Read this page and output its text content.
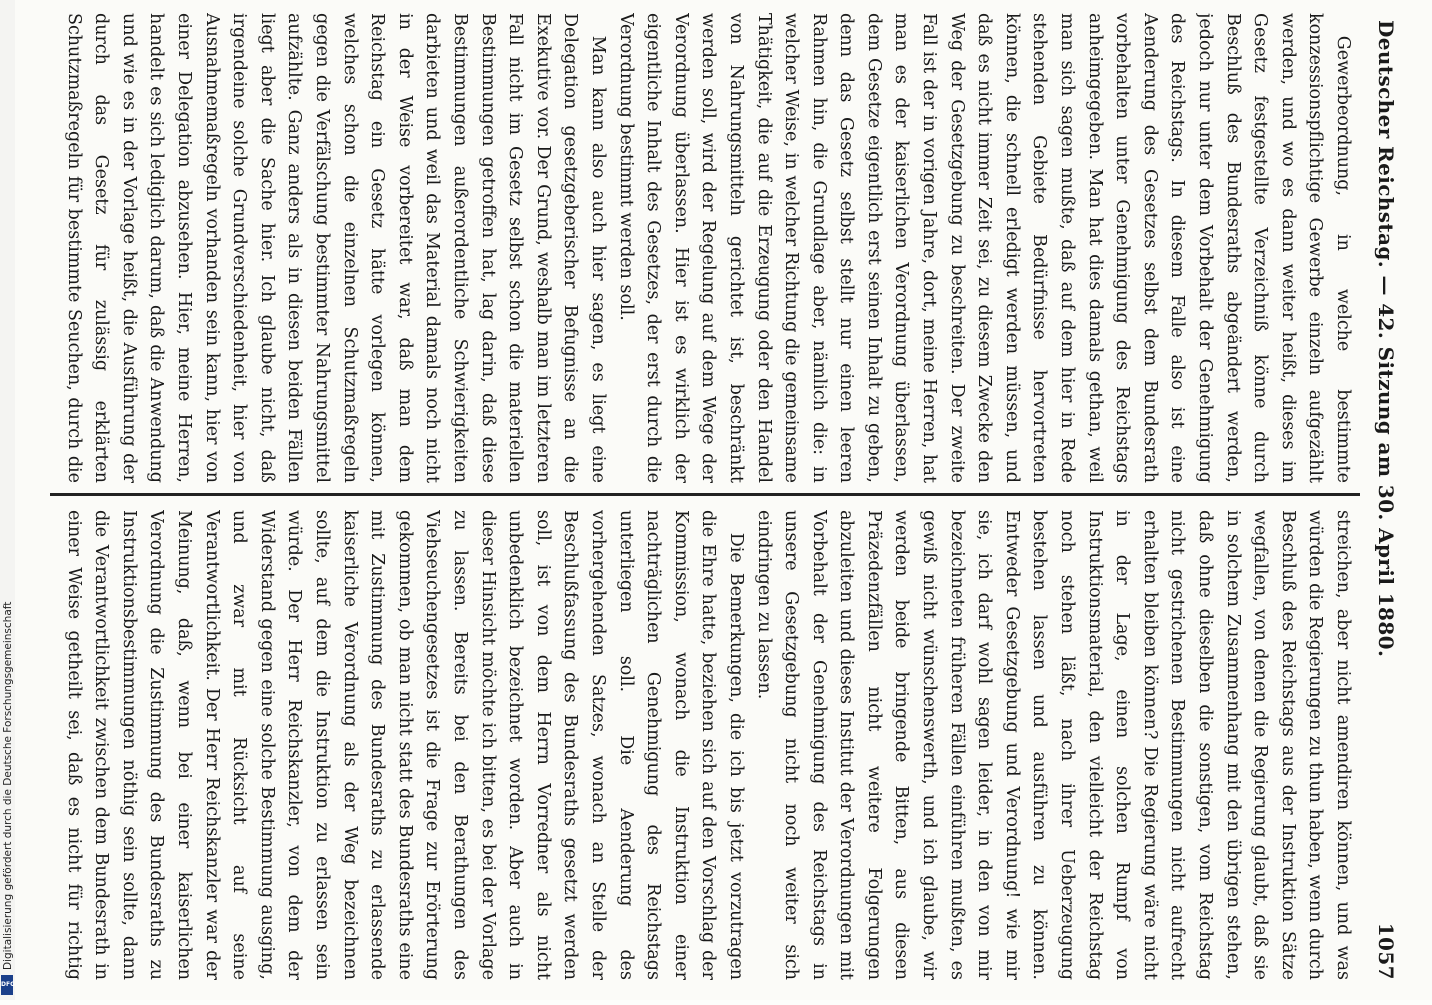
Digitalisierung gefördert durch die Deutsche Forschungsgemeinschaft
DFG
Deutscher Reichstag. — 42. Sitzung am 30. April 1880.
1057

Gewerbeordnung, in welche bestimmte konzessionspflichtige Gewerbe einzeln aufgezählt werden, und wo es dann weiter heißt, dieses im Gesetz festgestellte Verzeichniß könne durch Beschluß des Bundesraths abgeändert werden, jedoch nur unter dem Vorbehalt der Genehmigung des Reichstags. In diesem Falle also ist eine Aenderung des Gesetzes selbst dem Bundesrath vorbehalten unter Genehmigung des Reichstags anheimgegeben. Man hat dies damals gethan, weil man sich sagen mußte, daß auf dem hier in Rede stehenden Gebiete Bedürfnisse hervortreten können, die schnell erledigt werden müssen, und daß es nicht immer Zeit sei, zu diesem Zwecke den Weg der Gesetzgebung zu beschreiten. Der zweite Fall ist der in vorigen Jahre, dort, meine Herren, hat man es der kaiserlichen Verordnung überlassen, dem Gesetze eigentlich erst seinen Inhalt zu geben, denn das Gesetz selbst stellt nur einen leeren Rahmen hin, die Grundlage aber, nämlich die: in welcher Weise, in welcher Richtung die gemeinsame Thätigkeit, die auf die Erzeugung oder den Handel von Nahrungsmitteln gerichtet ist, beschränkt werden soll, wird der Regelung auf dem Wege der Verordnung überlassen. Hier ist es wirklich der eigentliche Inhalt des Gesetzes, der erst durch die Verordnung bestimmt werden soll.

Man kann also auch hier sagen, es liegt eine Delegation gesetzgeberischer Befugnisse an die Exekutive vor. Der Grund, weshalb man im letzteren Fall nicht im Gesetz selbst schon die materiellen Bestimmungen getroffen hat, lag darin, daß diese Bestimmungen außerordentliche Schwierigkeiten darbieten und weil das Material damals noch nicht in der Weise vorbereitet war, daß man dem Reichstag ein Gesetz hätte vorlegen können, welches schon die einzelnen Schutzmaßregeln gegen die Verfälschung bestimmter Nahrungsmittel aufzählte. Ganz anders als in diesen beiden Fällen liegt aber die Sache hier. Ich glaube nicht, daß irgendeine solche Grundverschiedenheit, hier von Ausnahmemaßregeln vorhanden sein kann, hier von einer Delegation abzusehen. Hier, meine Herren, handelt es sich lediglich darum, daß die Anwendung und wie es in der Vorlage heißt, die Ausführung der durch das Gesetz für zulässig erklärten Schutzmaßregeln für bestimmte Seuchen, durch die

streichen, aber nicht amendiren können, und was würden die Regierungen zu thun haben, wenn durch Beschluß des Reichstags aus der Instruktion Sätze wegfallen, von denen die Regierung glaubt, daß sie in solchem Zusammenhang mit den übrigen stehen, daß ohne dieselben die sonstigen, vom Reichstag nicht gestrichenen Bestimmungen nicht aufrecht erhalten bleiben können? Die Regierung wäre nicht in der Lage, einen solchen Rumpf von Instruktionsmaterial, den vielleicht der Reichstag noch stehen läßt, nach ihrer Ueberzeugung bestehen lassen und ausführen zu können. Entweder Gesetzgebung und Verordnung! wie mir sie, ich darf wohl sagen leider, in den von mir bezeichneten früheren Fällen einführen mußten, es gewiß nicht wünschenswerth, und ich glaube, wir werden beide bringende Bitten, aus diesen Präzedenzfällen nicht weitere Folgerungen abzuleiten und dieses Institut der Verordnungen mit Vorbehalt der Genehmigung des Reichstags in unsere Gesetzgebung nicht noch weiter sich eindringen zu lassen.

Die Bemerkungen, die ich bis jetzt vorzutragen die Ehre hatte, beziehen sich auf den Vorschlag der Kommission, wonach die Instruktion einer nachträglichen Genehmigung des Reichstags unterliegen soll. Die Aenderung des vorhergehenden Satzes, wonach an Stelle der Beschlußfassung des Bundesraths gesetzt werden soll, ist von dem Herrn Vorredner als nicht unbedenklich bezeichnet worden. Aber auch in dieser Hinsicht möchte ich bitten, es bei der Vorlage zu lassen. Bereits bei den Berathungen des Viehseuchengesetzes ist die Frage zur Erörterung gekommen, ob man nicht statt des Bundesraths eine mit Zustimmung des Bundesraths zu erlassende kaiserliche Verordnung als der Weg bezeichnen sollte, auf dem die Instruktion zu erlassen sein würde. Der Herr Reichskanzler, von dem der Widerstand gegen eine solche Bestimmung ausging, und zwar mit Rücksicht auf seine Verantwortlichkeit. Der Herr Reichskanzler war der Meinung, daß, wenn bei einer kaiserlichen Verordnung die Zustimmung des Bundesraths zu Instruktionsbestimmungen nöthig sein sollte, dann die Verantwortlichkeit zwischen dem Bundesrath in einer Weise getheilt sei, daß es nicht für richtig
